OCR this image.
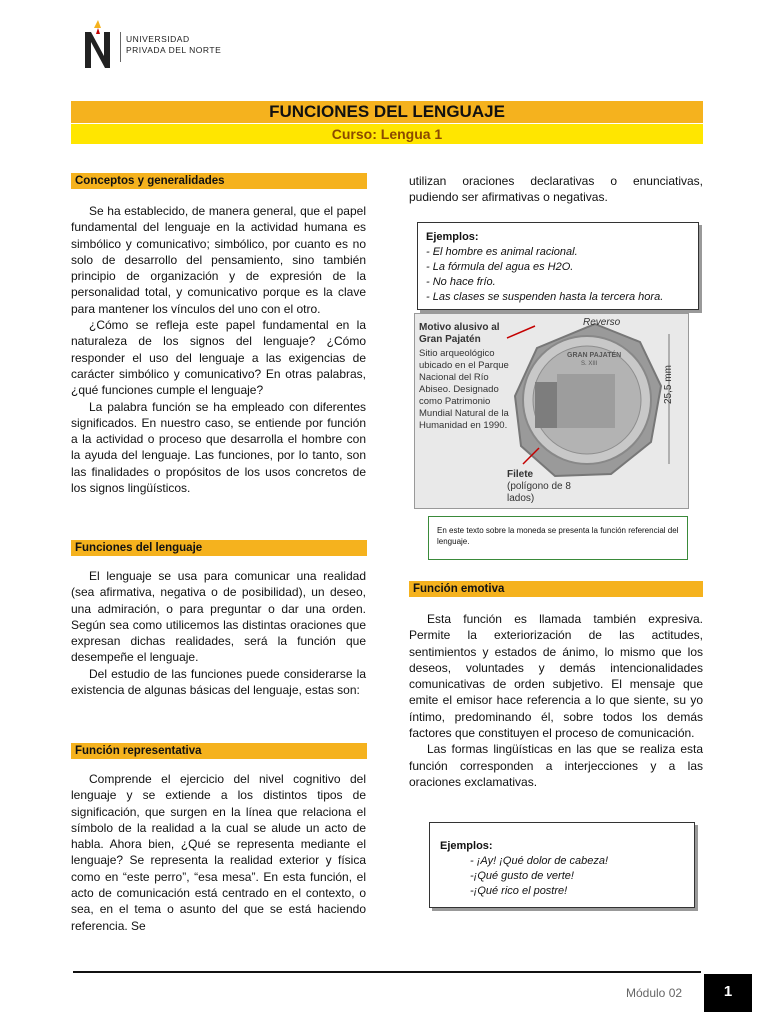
UNIVERSIDAD
PRIVADA DEL NORTE
FUNCIONES DEL LENGUAJE
Curso: Lengua 1
Conceptos y generalidades

Se ha establecido, de manera general, que el papel fundamental del lenguaje en la actividad humana es simbólico y comunicativo; simbólico, por cuanto es no solo de desarrollo del pensamiento, sino también principio de organización y de expresión de la personalidad total, y comunicativo porque es la clave para mantener los vínculos del uno con el otro.

¿Cómo se refleja este papel fundamental en la naturaleza de los signos del lenguaje? ¿Cómo responder el uso del lenguaje a las exigencias de carácter simbólico y comunicativo? En otras palabras, ¿qué funciones cumple el lenguaje?

La palabra función se ha empleado con diferentes significados. En nuestro caso, se entiende por función a la actividad o proceso que desarrolla el hombre con la ayuda del lenguaje. Las funciones, por lo tanto, son las finalidades o propósitos de los usos concretos de los signos lingüísticos.

Funciones del lenguaje

El lenguaje se usa para comunicar una realidad (sea afirmativa, negativa o de posibilidad), un deseo, una admiración, o para preguntar o dar una orden. Según sea como utilicemos las distintas oraciones que expresan dichas realidades, será la función que desempeñe el lenguaje.

Del estudio de las funciones puede considerarse la existencia de algunas básicas del lenguaje, estas son:

Función representativa

Comprende el ejercicio del nivel cognitivo del lenguaje y se extiende a los distintos tipos de significación, que surgen en la línea que relaciona el símbolo de la realidad a la cual se alude un acto de habla. Ahora bien, ¿Qué se representa mediante el lenguaje? Se representa la realidad exterior y física como en “este perro”, “esa mesa”. En esta función, el acto de comunicación está centrado en el contexto, o sea, en el tema o asunto del que se está haciendo referencia. Se

utilizan oraciones declarativas o enunciativas, pudiendo ser afirmativas o negativas.

Ejemplos:
- El hombre es animal racional.
- La fórmula del agua es H2O.
- No hace frío.
- Las clases se suspenden hasta la tercera hora.
Motivo alusivo al Gran Pajatén
Sitio arqueológico ubicado en el Parque Nacional del Río Abiseo. Designado como Patrimonio Mundial Natural de la Humanidad en 1990.
Reverso
GRAN PAJATÉN
S. XIII
25,5 mm
Filete
(polígono de 8 lados)
En este texto sobre la moneda se presenta la función referencial del lenguaje.
Función emotiva

Esta función es llamada también expresiva. Permite la exteriorización de las actitudes, sentimientos y estados de ánimo, lo mismo que los deseos, voluntades y demás intencionalidades comunicativas de orden subjetivo. El mensaje que emite el emisor hace referencia a lo que siente, su yo íntimo, predominando él, sobre todos los demás factores que constituyen el proceso de comunicación.

Las formas lingüísticas en las que se realiza esta función corresponden a interjecciones y a las oraciones exclamativas.

Ejemplos:
- ¡Ay! ¡Qué dolor de cabeza!
-¡Qué gusto de verte!
-¡Qué rico el postre!
Módulo 02	1
